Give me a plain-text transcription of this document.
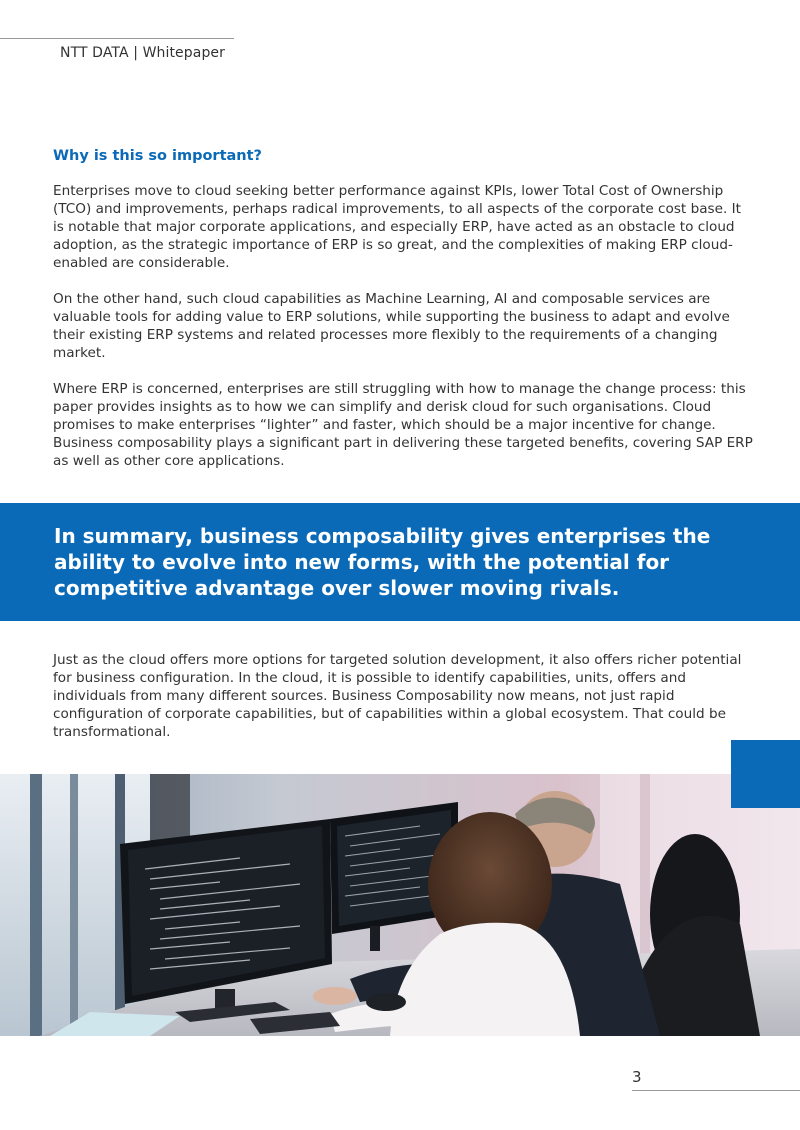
NTT DATA | Whitepaper
Why is this so important?

Enterprises move to cloud seeking better performance against KPIs, lower Total Cost of Ownership (TCO) and improvements, perhaps radical improvements, to all aspects of the corporate cost base. It is notable that major corporate applications, and especially ERP, have acted as an obstacle to cloud adoption, as the strategic importance of ERP is so great, and the complexities of making ERP cloud-enabled are considerable.

On the other hand, such cloud capabilities as Machine Learning, AI and composable services are valuable tools for adding value to ERP solutions, while supporting the business to adapt and evolve their existing ERP systems and related processes more flexibly to the requirements of a changing market.

Where ERP is concerned, enterprises are still struggling with how to manage the change process: this paper provides insights as to how we can simplify and derisk cloud for such organisations. Cloud promises to make enterprises “lighter” and faster, which should be a major incentive for change. Business composability plays a significant part in delivering these targeted benefits, covering SAP ERP as well as other core applications.

In summary, business composability gives enterprises the ability to evolve into new forms, with the potential for competitive advantage over slower moving rivals.

Just as the cloud offers more options for targeted solution development, it also offers richer potential for business configuration. In the cloud, it is possible to identify capabilities, units, offers and individuals from many different sources. Business Composability now means, not just rapid configuration of corporate capabilities, but of capabilities within a global ecosystem. That could be transformational.

3
